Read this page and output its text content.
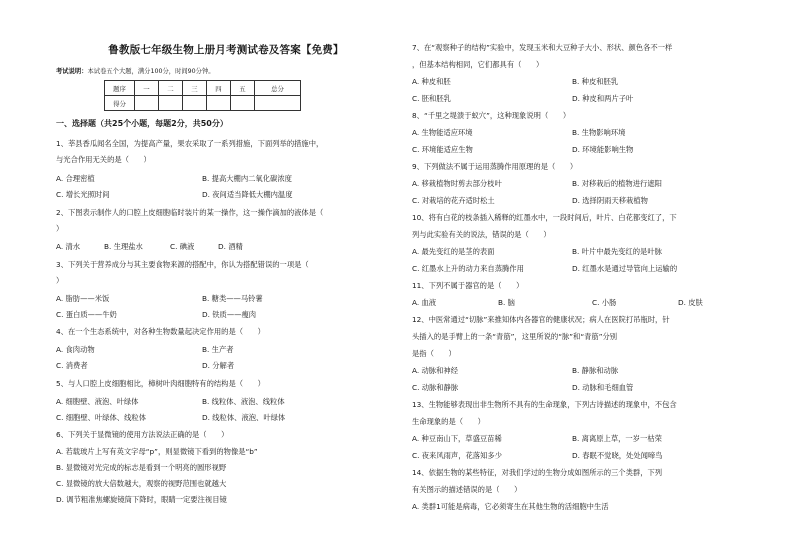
鲁教版七年级生物上册月考测试卷及答案【免费】
考试说明：本试卷五个大题，满分100分，时间90分钟。
题序	一	二	三	四	五	总分
得分						
一、选择题（共25个小题，每题2分，共50分）
1、莘县香瓜闻名全国，为提高产量，果农采取了一系列措施，下面列举的措施中，
与光合作用无关的是（　　）
A. 合理密植	B. 提高大棚内二氧化碳浓度
C. 增长光照时间	D. 夜间适当降低大棚内温度
2、下图表示制作人的口腔上皮细胞临时装片的某一操作，这一操作滴加的液体是（
）
A. 清水	B. 生理盐水	C. 碘液	D. 酒精
3、下列关于营养成分与其主要食物来源的搭配中，你认为搭配错误的一项是（
）
A. 脂肪——米饭	B. 糖类——马铃薯
C. 蛋白质——牛奶	D. 铁质——瘦肉
4、在一个生态系统中，对各种生物数量起决定作用的是（　　）
A. 食肉动物	B. 生产者
C. 消费者	D. 分解者
5、与人口腔上皮细胞相比，樟树叶肉细胞特有的结构是（　　）
A. 细胞壁、液泡、叶绿体	B. 线粒体、液泡、线粒体
C. 细胞壁、叶绿体、线粒体	D. 线粒体、液泡、叶绿体
6、下列关于显微镜的使用方法说法正确的是（　　）
A. 若载玻片上写有英文字母“p”，则显微镜下看到的物像是“b”
B. 显微镜对光完成的标志是看到一个明亮的圆形视野
C. 显微镜的放大倍数越大，观察的视野范围也就越大
D. 调节粗准焦螺旋镜筒下降时，眼睛一定要注视目镜
7、在“观察种子的结构”实验中，发现玉米和大豆种子大小、形状、颜色各不一样
，但基本结构相同，它们都具有（　　）
A. 种皮和胚	B. 种皮和胚乳
C. 胚和胚乳	D. 种皮和两片子叶
8、“千里之堤溃于蚁穴”，这种现象说明（　　）
A. 生物能适应环境	B. 生物影响环境
C. 环境能适应生物	D. 环境能影响生物
9、下列做法不属于运用蒸腾作用原理的是（　　）
A. 移栽植物时剪去部分枝叶	B. 对移栽后的植物进行遮阳
C. 对栽培的花卉适时松土	D. 选择阴雨天移栽植物
10、将有白花的枝条插入稀释的红墨水中，一段时间后，叶片、白花都变红了，下
列与此实验有关的说法，错误的是（　　）
A. 最先变红的是茎的表面	B. 叶片中最先变红的是叶脉
C. 红墨水上升的动力来自蒸腾作用	D. 红墨水是通过导管向上运输的
11、下列不属于器官的是（　　）
A. 血液	B. 脑	C. 小肠	D. 皮肤
12、中医常通过“切脉”来推知体内各器官的健康状况；病人在医院打吊瓶时，针
头插入的是手臂上的一条“青筋”，这里所说的“脉”和“青筋”分别
是指（　　）
A. 动脉和神经	B. 静脉和动脉
C. 动脉和静脉	D. 动脉和毛细血管
13、生物能够表现出非生物所不具有的生命现象，下列古诗描述的现象中，不包含
生命现象的是（　　）
A. 种豆南山下，草盛豆苗稀	B. 离离原上草，一岁一枯荣
C. 夜来风雨声，花落知多少	D. 春眠不觉晓，处处闻啼鸟
14、依据生物的某些特征，对我们学过的生物分成如图所示的三个类群，下列
有关图示的描述错误的是（　　）
A. 类群1可能是病毒，它必须寄生在其他生物的活细胞中生活
